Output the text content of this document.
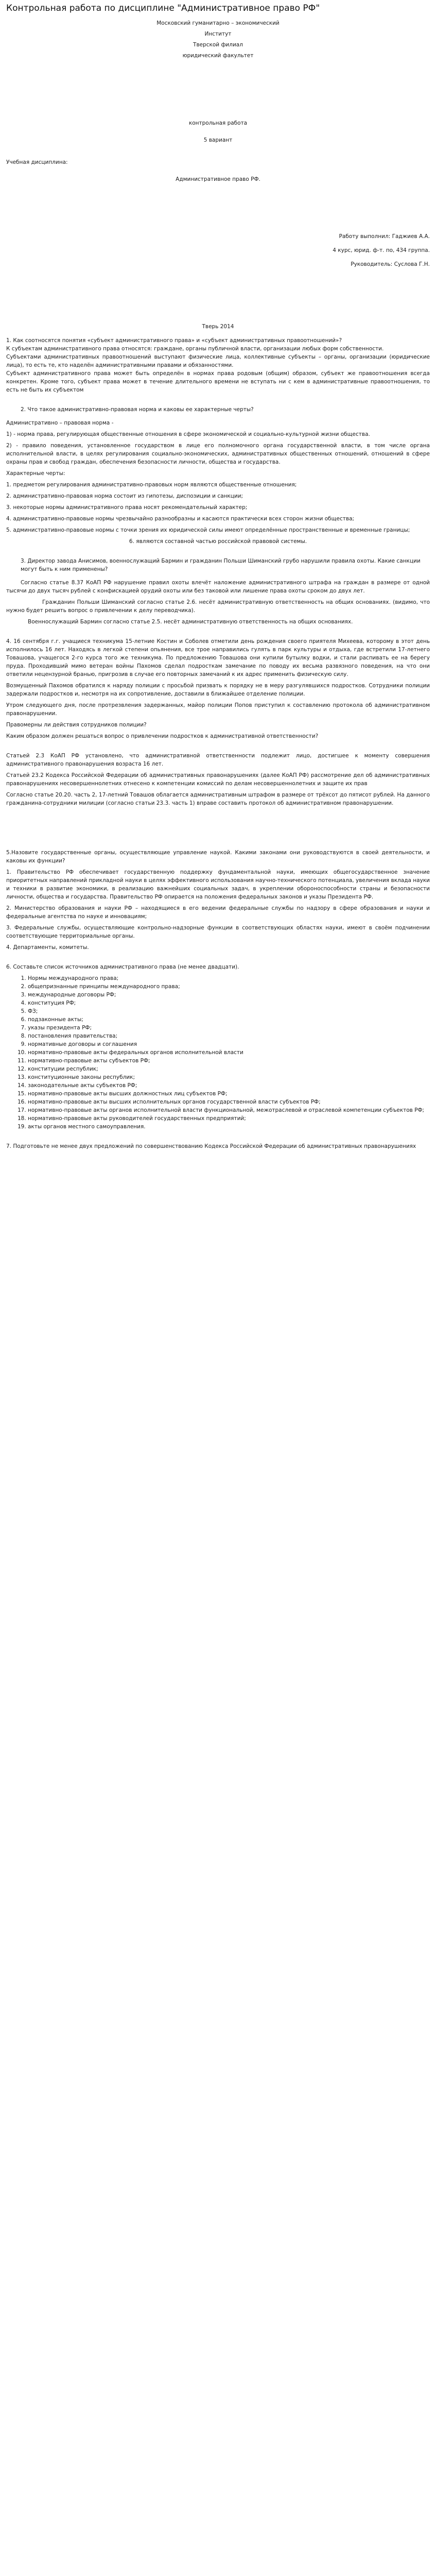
Контрольная работа по дисциплине "Административное право РФ"

Московский гуманитарно – экономический

Институт

Тверской филиал

юридический факультет

контрольная работа

5 вариант

Учебная дисциплина:

Административное право РФ.

Работу выполнил: Гаджиев А.А.

4 курс, юрид. ф-т. по, 434 группа.

Руководитель: Суслова Г.Н.

Тверь 2014

1. Как соотносятся понятия «субъект административного права» и «субъект административных правоотношений»?

К субъектам административного права относятся: граждане, органы публичной власти, организации любых форм собственности.

Субъектами административных правоотношений выступают физические лица, коллективные субъекты – органы, организации (юридические лица), то есть те, кто наделён административными правами и обязанностями.

Субъект административного права может быть определён в нормах права родовым (общим) образом, субъект же правоотношения всегда конкретен. Кроме того, субъект права может в течение длительного времени не вступать ни с кем в административные правоотношения, то есть не быть их субъектом

2. Что такое административно-правовая норма и каковы ее характерные черты?

Административно – правовая норма -

1) - норма права, регулирующая общественные отношения в сфере экономической и социально-культурной жизни общества.

2) - правило поведения, установленное государством в лице его полномочного органа государственной власти, в том числе органа исполнительной власти, в целях регулирования социально-экономических, административных общественных отношений, отношений в сфере охраны прав и свобод граждан, обеспечения безопасности личности, общества и государства.

Характерные черты:

1. предметом регулирования административно-правовых норм являются общественные отношения;

2. административно-правовая норма состоит из гипотезы, диспозиции и санкции;

3. некоторые нормы административного права носят рекомендательный характер;

4. административно-правовые нормы чрезвычайно разнообразны и касаются практически всех сторон жизни общества;

5. административно-правовые нормы с точки зрения их юридической силы имеют определённые пространственные и временные границы;

6. являются составной частью российской правовой системы.

3. Директор завода Анисимов, военнослужащий Бармин и гражданин Польши Шиманский грубо нарушили правила охоты. Какие санкции могут быть к ним применены?

Согласно статье 8.37 КоАП РФ нарушение правил охоты влечёт наложение административного штрафа на граждан в размере от одной тысячи до двух тысяч рублей с конфискацией орудий охоты или без таковой или лишение права охоты сроком до двух лет.

Гражданин Польши Шиманский согласно статье 2.6. несёт административную ответственность на общих основаниях. (видимо, что нужно будет решить вопрос о привлечении к делу переводчика).

Военнослужащий Бармин согласно статье 2.5. несёт административную ответственность на общих основаниях.

4. 16 сентября г.г. учащиеся техникума 15-летние Костин и Соболев отметили день рождения своего приятеля Михеева, которому в этот день исполнилось 16 лет. Находясь в легкой степени опьянения, все трое направились гулять в парк культуры и отдыха, где встретили 17-летнего Товашова, учащегося 2-го курса того же техникума. По предложению Товашова они купили бутылку водки, и стали распивать ее на берегу пруда. Проходивший мимо ветеран войны Пахомов сделал подросткам замечание по поводу их весьма развязного поведения, на что они ответили нецензурной бранью, пригрозив в случае его повторных замечаний к их адрес применить физическую силу.

Возмущенный Пахомов обратился к наряду полиции с просьбой призвать к порядку не в меру разгулявшихся подростков. Сотрудники полиции задержали подростков и, несмотря на их сопротивление, доставили в ближайшее отделение полиции.

Утром следующего дня, после протрезвления задержанных, майор полиции Попов приступил к составлению протокола об административном правонарушении.

Правомерны ли действия сотрудников полиции?

Каким образом должен решаться вопрос о привлечении подростков к административной ответственности?

Статьей 2.3 КоАП РФ установлено, что административной ответственности подлежит лицо, достигшее к моменту совершения административного правонарушения возраста 16 лет.

Статьей 23.2 Кодекса Российской Федерации об административных правонарушениях (далее КоАП РФ) рассмотрение дел об административных правонарушениях несовершеннолетних отнесено к компетенции комиссий по делам несовершеннолетних и защите их прав

Согласно статье 20.20. часть 2, 17-летний Товашов облагается административным штрафом в размере от трёхсот до пятисот рублей. На данного гражданина-сотрудники милиции (согласно статьи 23.3. часть 1) вправе составить протокол об административном правонарушении.

5.Назовите государственные органы, осуществляющие управление наукой. Какими законами они руководствуются в своей деятельности, и каковы их функции?

1. Правительство РФ обеспечивает государственную поддержку фундаментальной науки, имеющих общегосударственное значение приоритетных направлений прикладной науки в целях эффективного использования научно-технического потенциала, увеличения вклада науки и техники в развитие экономики, в реализацию важнейших социальных задач, в укреплении обороноспособности страны и безопасности личности, общества и государства. Правительство РФ опирается на положения федеральных законов и указы Президента РФ.

2. Министерство образования и науки РФ – находящиеся в его ведении федеральные службы по надзору в сфере образования и науки и федеральные агентства по науке и инновациям;

3. Федеральные службы, осуществляющие контрольно-надзорные функции в соответствующих областях науки, имеют в своём подчинении соответствующие территориальные органы.

4. Департаменты, комитеты.

6. Составьте список источников административного права (не менее двадцати).

1. Нормы международного права;
2. общепризнанные принципы международного права;
3. международные договоры РФ;
4. конституция РФ;
5. ФЗ;
6. подзаконные акты;
7. указы президента РФ;
8. постановления правительства;
9. нормативные договоры и соглашения
10. нормативно-правовые акты федеральных органов исполнительной власти
11. нормативно-правовые акты субъектов РФ;
12. конституции республик;
13. конституционные законы республик;
14. законодательные акты субъектов РФ;
15. нормативно-правовые акты высших должностных лиц субъектов РФ;
16. нормативно-правовые акты высших исполнительных органов государственной власти субъектов РФ;
17. нормативно-правовые акты органов исполнительной власти функциональной, межотраслевой и отраслевой компетенции субъектов РФ;
18. нормативно-правовые акты руководителей государственных предприятий;
19. акты органов местного самоуправления.

7. Подготовьте не менее двух предложений по совершенствованию Кодекса Российской Федерации об административных правонарушениях
